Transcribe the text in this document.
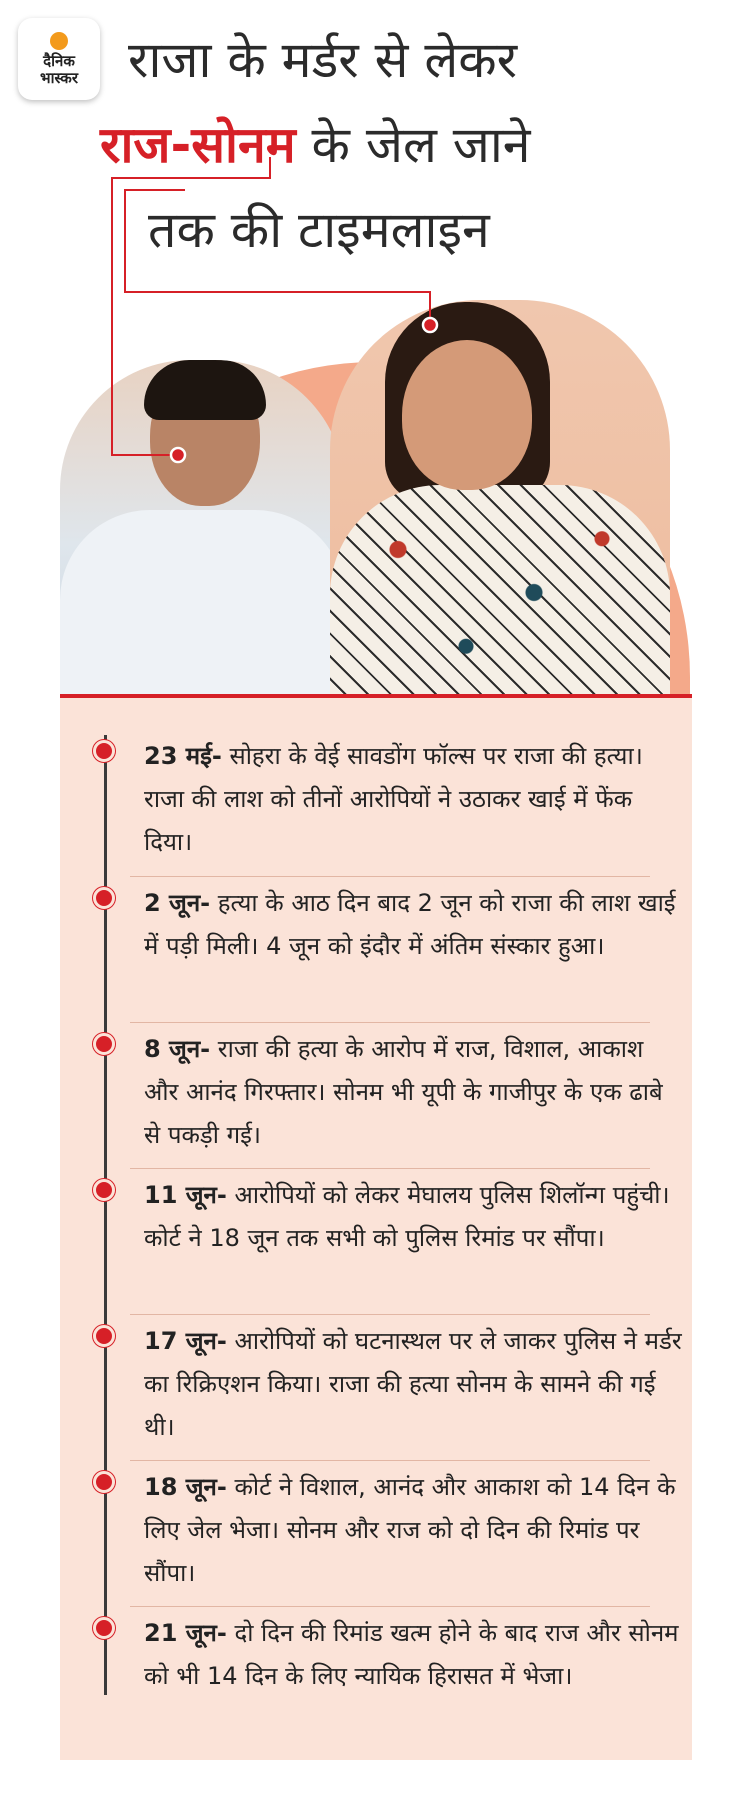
दैनिक
भास्कर राजा के मर्डर से लेकर
राज-सोनम के जेल जाने
तक की टाइमलाइन
23 मई- सोहरा के वेई सावडोंग फॉल्स पर राजा की हत्या। राजा की लाश को तीनों आरोपियों ने उठाकर खाई में फेंक दिया।
2 जून- हत्या के आठ दिन बाद 2 जून को राजा की लाश खाई में पड़ी मिली। 4 जून को इंदौर में अंतिम संस्कार हुआ।
8 जून- राजा की हत्या के आरोप में राज, विशाल, आकाश और आनंद गिरफ्तार। सोनम भी यूपी के गाजीपुर के एक ढाबे से पकड़ी गई।
11 जून- आरोपियों को लेकर मेघालय पुलिस शिलॉन्ग पहुंची। कोर्ट ने 18 जून तक सभी को पुलिस रिमांड पर सौंपा।
17 जून- आरोपियों को घटनास्थल पर ले जाकर पुलिस ने मर्डर का रिक्रिएशन किया। राजा की हत्या सोनम के सामने की गई थी।
18 जून- कोर्ट ने विशाल, आनंद और आकाश को 14 दिन के लिए जेल भेजा। सोनम और राज को दो दिन की रिमांड पर सौंपा।
21 जून- दो दिन की रिमांड खत्म होने के बाद राज और सोनम को भी 14 दिन के लिए न्यायिक हिरासत में भेजा।
